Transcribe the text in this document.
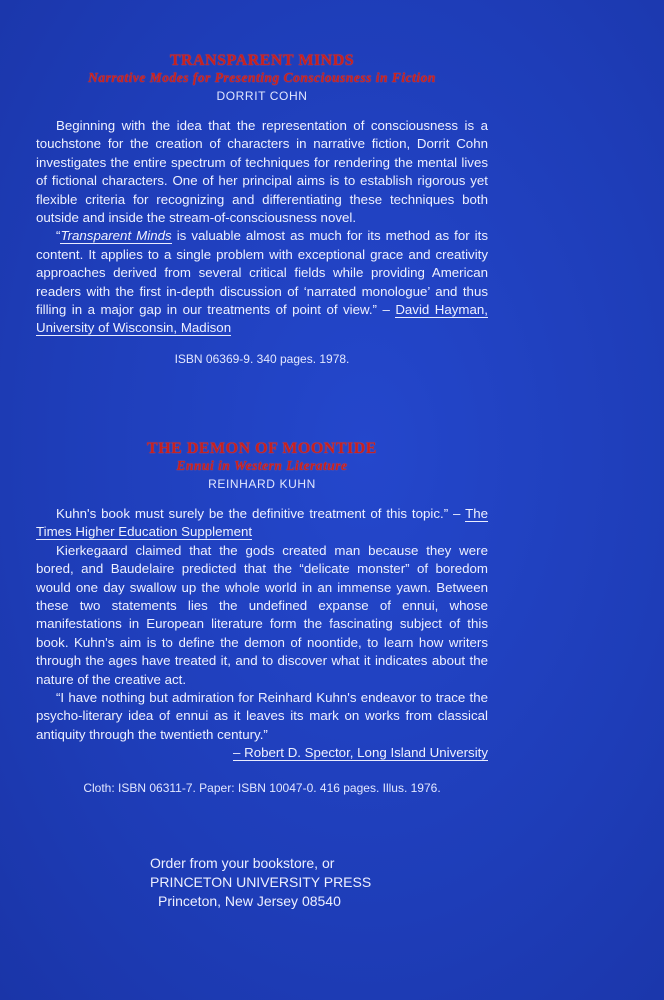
TRANSPARENT MINDS

Narrative Modes for Presenting Consciousness in Fiction

DORRIT COHN

Beginning with the idea that the representation of consciousness is a touchstone for the creation of characters in narrative fiction, Dorrit Cohn investigates the entire spectrum of techniques for rendering the mental lives of fictional characters. One of her principal aims is to establish rigorous yet flexible criteria for recognizing and differentiating these techniques both outside and inside the stream-of-consciousness novel.

“Transparent Minds is valuable almost as much for its method as for its content. It applies to a single problem with exceptional grace and creativity approaches derived from several critical fields while providing American readers with the first in-depth discussion of ‘narrated monologue’ and thus filling in a major gap in our treatments of point of view.” – David Hayman, University of Wisconsin, Madison

ISBN 06369-9. 340 pages. 1978.

THE DEMON OF MOONTIDE

Ennui in Western Literature

REINHARD KUHN

Kuhn's book must surely be the definitive treatment of this topic.” – The Times Higher Education Supplement

Kierkegaard claimed that the gods created man because they were bored, and Baudelaire predicted that the “delicate monster” of boredom would one day swallow up the whole world in an immense yawn. Between these two statements lies the undefined expanse of ennui, whose manifestations in European literature form the fascinating subject of this book. Kuhn's aim is to define the demon of noontide, to learn how writers through the ages have treated it, and to discover what it indicates about the nature of the creative act.

“I have nothing but admiration for Reinhard Kuhn's endeavor to trace the psycho-literary idea of ennui as it leaves its mark on works from classical antiquity through the twentieth century.”

– Robert D. Spector, Long Island University

Cloth: ISBN 06311-7. Paper: ISBN 10047-0. 416 pages. Illus. 1976.
Order from your bookstore, or
PRINCETON UNIVERSITY PRESS
Princeton, New Jersey 08540
